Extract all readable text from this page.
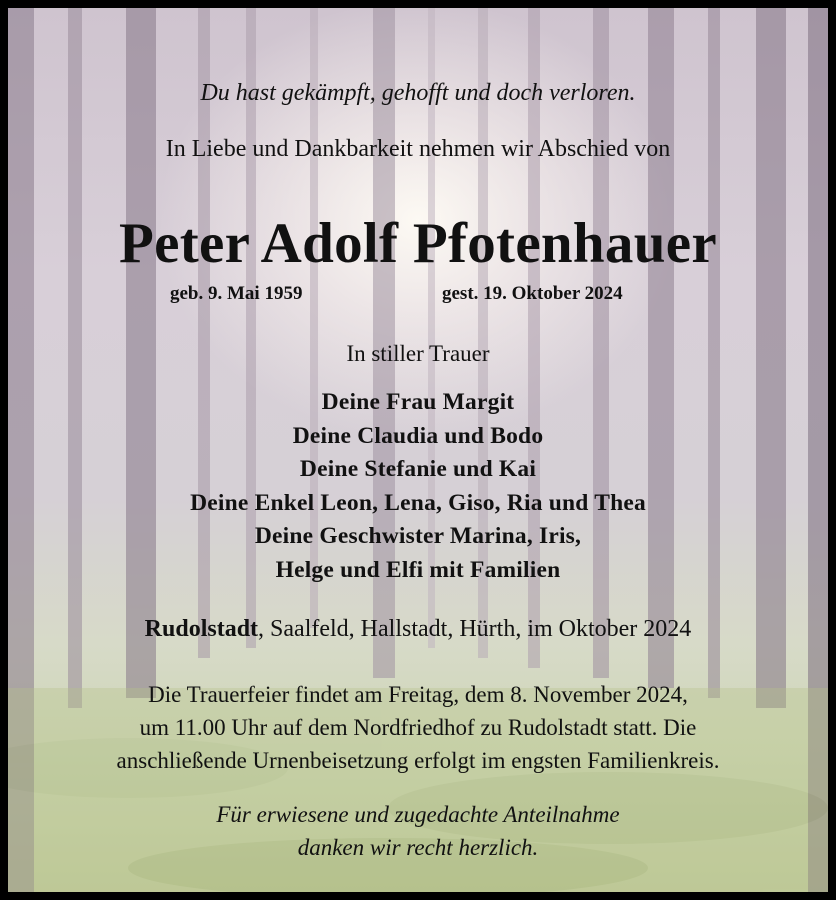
Du hast gekämpft, gehofft und doch verloren.
In Liebe und Dankbarkeit nehmen wir Abschied von
Peter Adolf Pfotenhauer
geb. 9. Mai 1959	gest. 19. Oktober 2024
In stiller Trauer
Deine Frau Margit
Deine Claudia und Bodo
Deine Stefanie und Kai
Deine Enkel Leon, Lena, Giso, Ria und Thea
Deine Geschwister Marina, Iris,
Helge und Elfi mit Familien
Rudolstadt, Saalfeld, Hallstadt, Hürth, im Oktober 2024
Die Trauerfeier findet am Freitag, dem 8. November 2024,
um 11.00 Uhr auf dem Nordfriedhof zu Rudolstadt statt. Die
anschließende Urnenbeisetzung erfolgt im engsten Familienkreis.
Für erwiesene und zugedachte Anteilnahme
danken wir recht herzlich.
